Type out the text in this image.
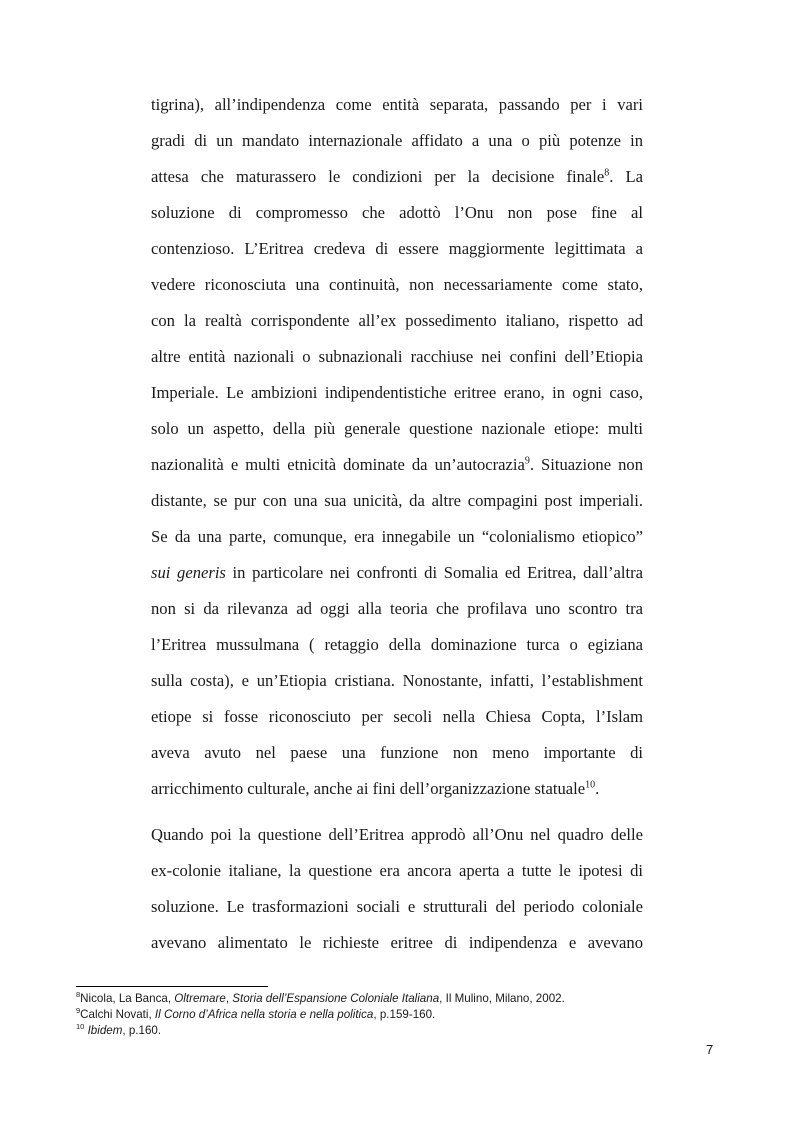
tigrina), all’indipendenza come entità separata, passando per i vari
gradi di un mandato internazionale affidato a una o più potenze in
attesa che maturassero le condizioni per la decisione finale$^8$. La
soluzione di compromesso che adottò l’Onu non pose fine al
contenzioso. L’Eritrea credeva di essere maggiormente legittimata a
vedere riconosciuta una continuità, non necessariamente come stato,
con la realtà corrispondente all’ex possedimento italiano, rispetto ad
altre entità nazionali o subnazionali racchiuse nei confini dell’Etiopia
Imperiale. Le ambizioni indipendentistiche eritree erano, in ogni caso,
solo un aspetto, della più generale questione nazionale etiope: multi
nazionalità e multi etnicità dominate da un’autocrazia$^9$. Situazione non
distante, se pur con una sua unicità, da altre compagini post imperiali.
Se da una parte, comunque, era innegabile un “colonialismo etiopico”
sui generis in particolare nei confronti di Somalia ed Eritrea, dall’altra
non si da rilevanza ad oggi alla teoria che profilava uno scontro tra
l’Eritrea mussulmana ( retaggio della dominazione turca o egiziana
sulla costa), e un’Etiopia cristiana. Nonostante, infatti, l’establishment
etiope si fosse riconosciuto per secoli nella Chiesa Copta, l’Islam
aveva avuto nel paese una funzione non meno importante di
arricchimento culturale, anche ai fini dell’organizzazione statuale$^{10}$.
Quando poi la questione dell’Eritrea approdò all’Onu nel quadro delle
ex-colonie italiane, la questione era ancora aperta a tutte le ipotesi di
soluzione. Le trasformazioni sociali e strutturali del periodo coloniale
avevano alimentato le richieste eritree di indipendenza e avevano
$^8$Nicola, La Banca, Oltremare, Storia dell’Espansione Coloniale Italiana, Il Mulino, Milano, 2002.
$^9$Calchi Novati, Il Corno d’Africa nella storia e nella politica, p.159-160.
$^{10}$ Ibidem, p.160.
7
